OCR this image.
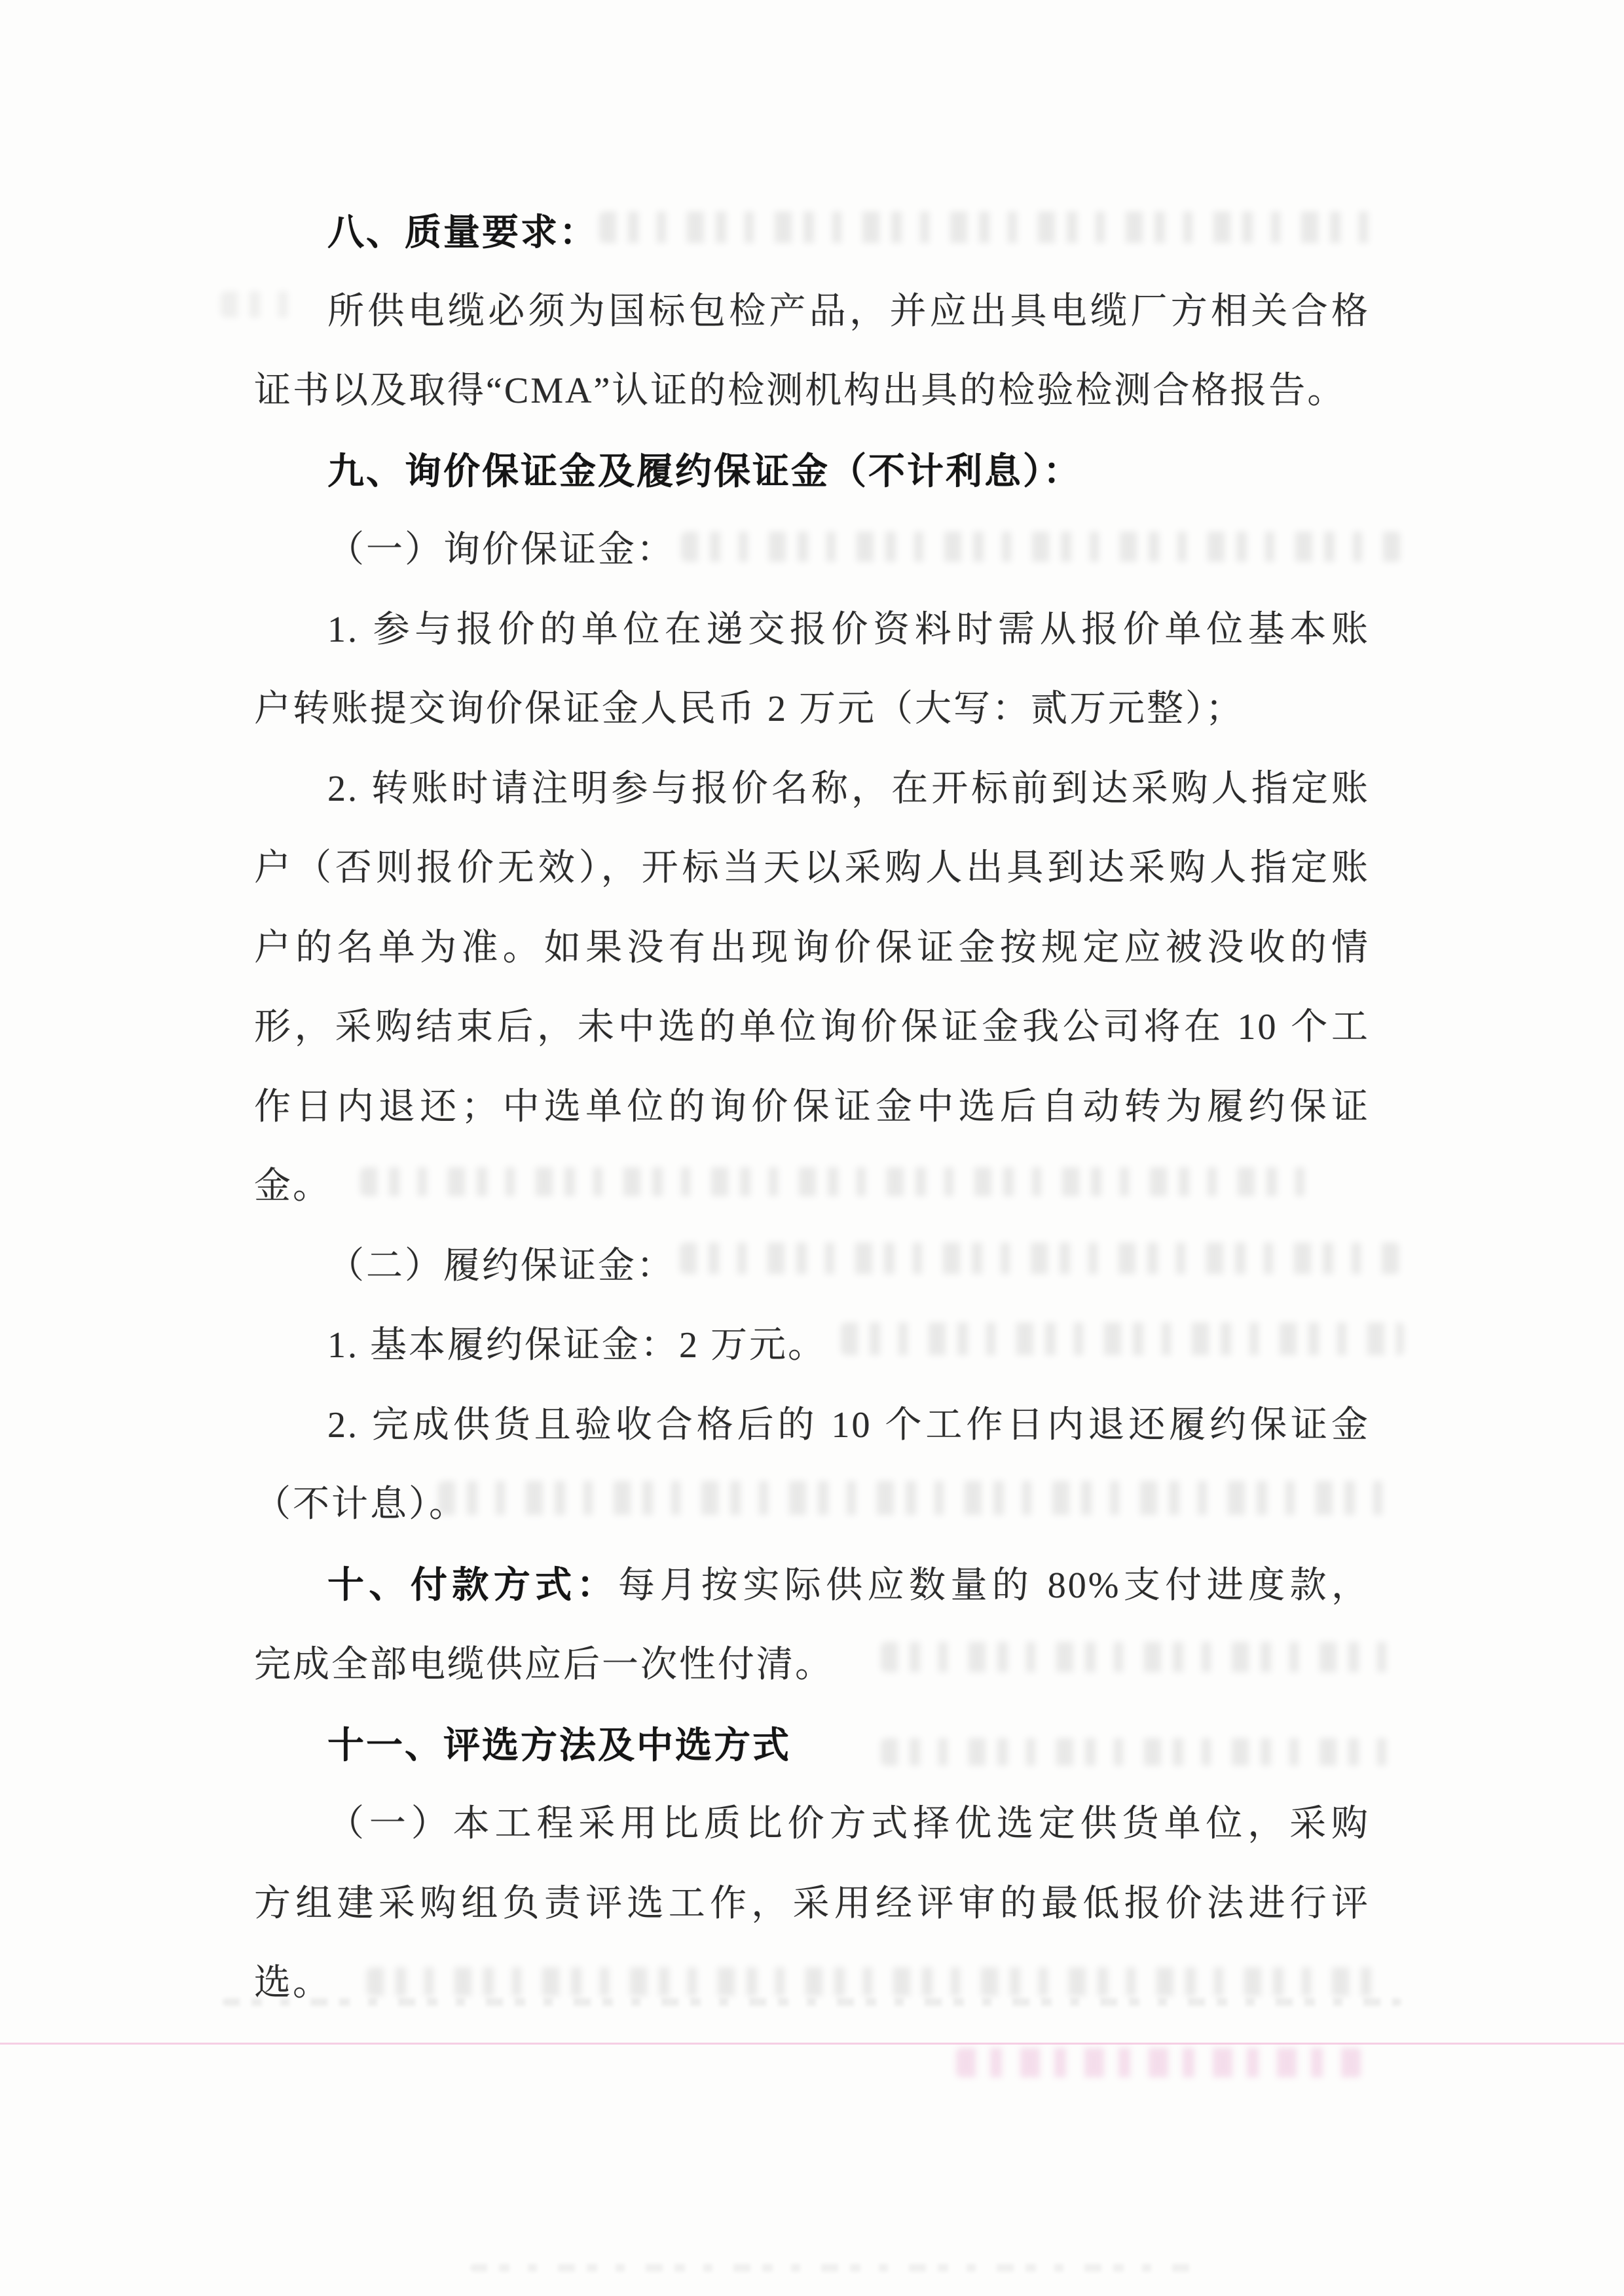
八、质量要求：
所供电缆必须为国标包检产品，并应出具电缆厂方相关合格
证书以及取得“CMA”认证的检测机构出具的检验检测合格报告。
九、询价保证金及履约保证金（不计利息）：
（一）询价保证金：
1. 参与报价的单位在递交报价资料时需从报价单位基本账
户转账提交询价保证金人民币 2 万元（大写：贰万元整）；
2. 转账时请注明参与报价名称，在开标前到达采购人指定账
户（否则报价无效），开标当天以采购人出具到达采购人指定账
户的名单为准。如果没有出现询价保证金按规定应被没收的情
形，采购结束后，未中选的单位询价保证金我公司将在 10 个工
作日内退还；中选单位的询价保证金中选后自动转为履约保证
金。
（二）履约保证金：
1. 基本履约保证金：2 万元。
2. 完成供货且验收合格后的 10 个工作日内退还履约保证金
（不计息）。
十、付款方式：每月按实际供应数量的 80%支付进度款，
完成全部电缆供应后一次性付清。
十一、评选方法及中选方式
（一）本工程采用比质比价方式择优选定供货单位，采购
方组建采购组负责评选工作，采用经评审的最低报价法进行评
选。
